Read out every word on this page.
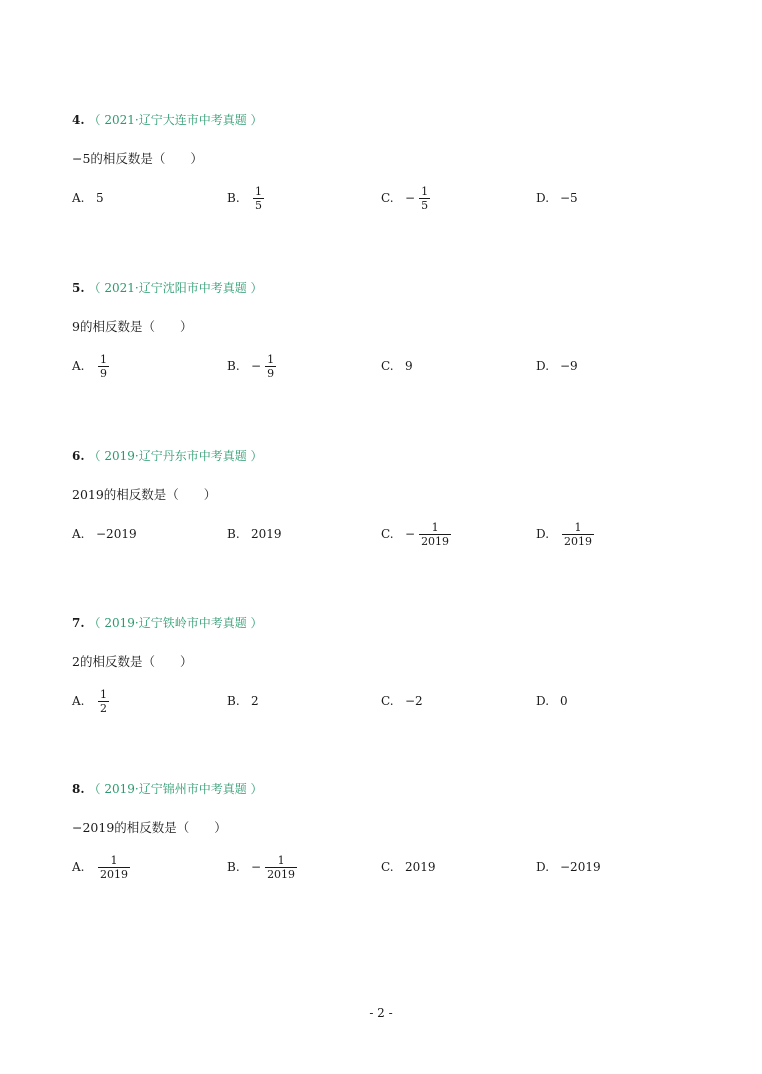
4. （ 2021·辽宁大连市中考真题 ）
−5的相反数是（　　）
A. 5	B.	$\frac{1}{5}$	C. − $\frac{1}{5}$	D. −5
5. （ 2021·辽宁沈阳市中考真题 ）
9的相反数是（　　）
A.	$\frac{1}{9}$	B. − $\frac{1}{9}$	C. 9	D. −9
6. （ 2019·辽宁丹东市中考真题 ）
2019的相反数是（　　）
A. −2019	B. 2019	C. − $\frac{1}{2019}$	D.	$\frac{1}{2019}$
7. （ 2019·辽宁铁岭市中考真题 ）
2的相反数是（　　）
A.	$\frac{1}{2}$	B. 2	C. −2	D. 0
8. （ 2019·辽宁锦州市中考真题 ）
−2019的相反数是（　　）
A.	$\frac{1}{2019}$	B. − $\frac{1}{2019}$	C. 2019	D. −2019
- 2 -
